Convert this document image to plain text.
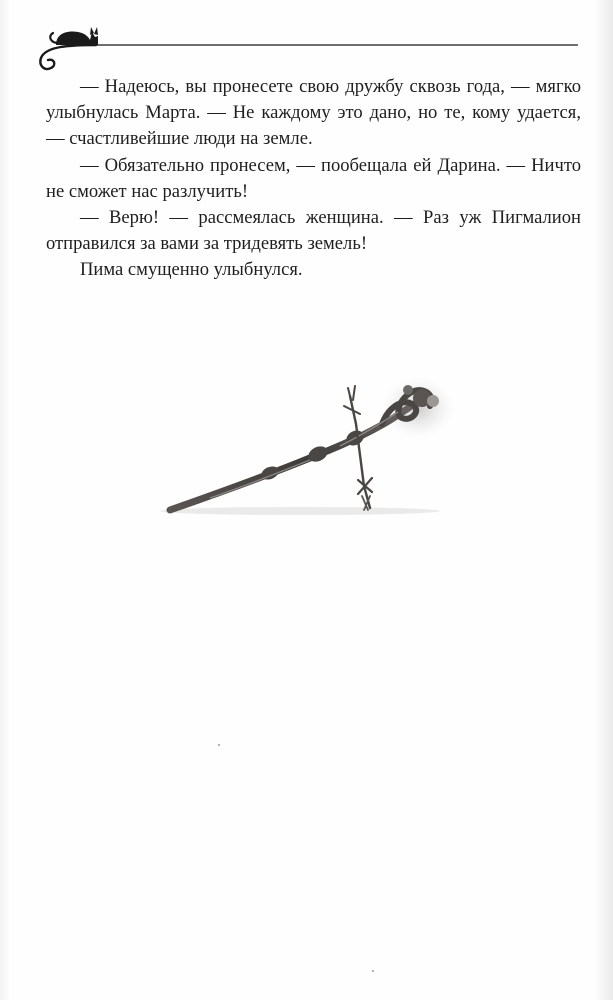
— Надеюсь, вы пронесете свою дружбу сквозь года, — мягко улыбнулась Марта. — Не каждому это дано, но те, кому удается, — счастливейшие люди на земле.

— Обязательно пронесем, — пообещала ей Дарина. — Ничто не сможет нас разлучить!

— Верю! — рассмеялась женщина. — Раз уж Пигмалион отправился за вами за тридевять земель!

Пима смущенно улыбнулся.
